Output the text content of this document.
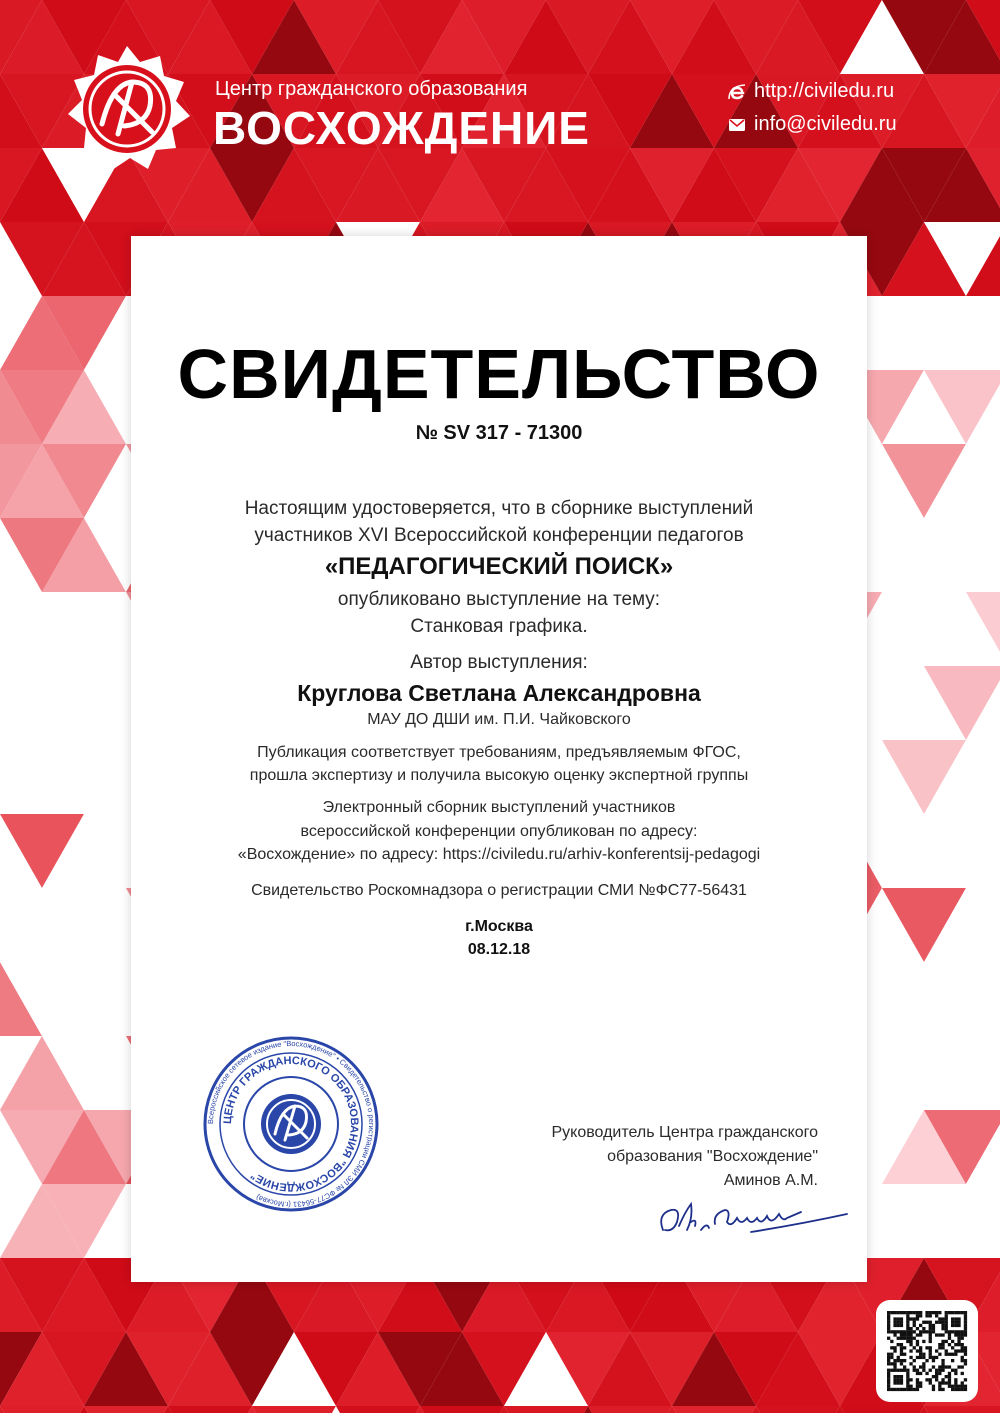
Центр гражданского образования
ВОСХОЖДЕНИЕ
http://civiledu.ru
info@civiledu.ru
СВИДЕТЕЛЬСТВО
№ SV 317 - 71300
Настоящим удостоверяется, что в сборнике выступлений
участников XVI Всероссийской конференции педагогов
«ПЕДАГОГИЧЕСКИЙ ПОИСК»
опубликовано выступление на тему:
Станковая графика.
Автор выступления:
Круглова Светлана Александровна
МАУ ДО ДШИ им. П.И. Чайковского
Публикация соответствует требованиям, предъявляемым ФГОС,
прошла экспертизу и получила высокую оценку экспертной группы
Электронный сборник выступлений участников
всероссийской конференции опубликован по адресу:
«Восхождение» по адресу: https://civiledu.ru/arhiv-konferentsij-pedagogi
Свидетельство Роскомнадзора о регистрации СМИ №ФС77-56431
г.Москва
08.12.18
Всероссийское сетевое издание "Восхождение" • Свидетельство о регистрации СМИ ЭЛ № ФС77-56431 (г.Москва)
ЦЕНТР ГРАЖДАНСКОГО ОБРАЗОВАНИЯ "ВОСХОЖДЕНИЕ"
Руководитель Центра гражданского
образования "Восхождение"
Аминов А.М.
